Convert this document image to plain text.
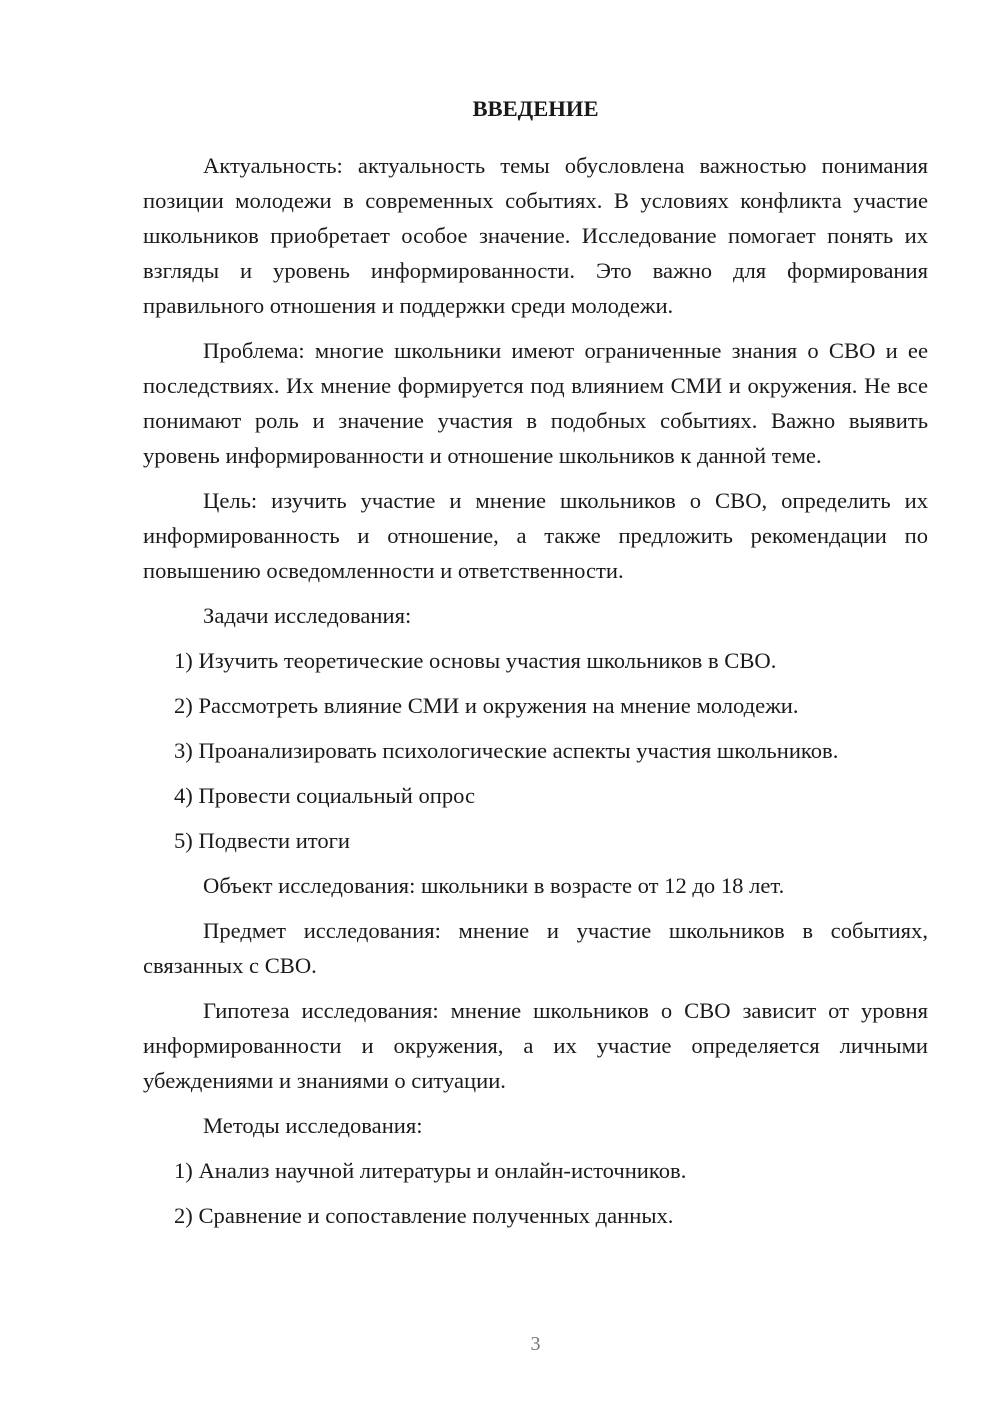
ВВЕДЕНИЕ

Актуальность: актуальность темы обусловлена важностью понимания позиции молодежи в современных событиях. В условиях конфликта участие школьников приобретает особое значение. Исследование помогает понять их взгляды и уровень информированности. Это важно для формирования правильного отношения и поддержки среди молодежи.

Проблема: многие школьники имеют ограниченные знания о СВО и ее последствиях. Их мнение формируется под влиянием СМИ и окружения. Не все понимают роль и значение участия в подобных событиях. Важно выявить уровень информированности и отношение школьников к данной теме.

Цель: изучить участие и мнение школьников о СВО, определить их информированность и отношение, а также предложить рекомендации по повышению осведомленности и ответственности.

Задачи исследования:

1) Изучить теоретические основы участия школьников в СВО.

2) Рассмотреть влияние СМИ и окружения на мнение молодежи.

3) Проанализировать психологические аспекты участия школьников.

4) Провести социальный опрос

5) Подвести итоги

Объект исследования: школьники в возрасте от 12 до 18 лет.

Предмет исследования: мнение и участие школьников в событиях, связанных с СВО.

Гипотеза исследования: мнение школьников о СВО зависит от уровня информированности и окружения, а их участие определяется личными убеждениями и знаниями о ситуации.

Методы исследования:

1) Анализ научной литературы и онлайн-источников.

2) Сравнение и сопоставление полученных данных.

3
